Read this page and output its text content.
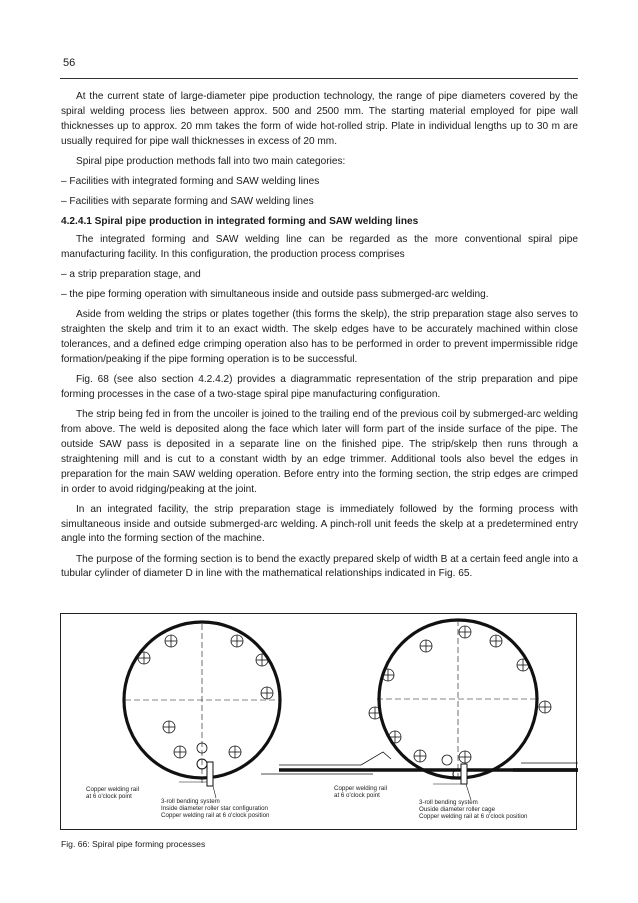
56

At the current state of large-diameter pipe production technology, the range of pipe diameters covered by the spiral welding process lies between approx. 500 and 2500 mm. The starting material employed for pipe wall thicknesses up to approx. 20 mm takes the form of wide hot-rolled strip. Plate in individual lengths up to 30 m are usually required for pipe wall thicknesses in excess of 20 mm.

Spiral pipe production methods fall into two main categories:

– Facilities with integrated forming and SAW welding lines

– Facilities with separate forming and SAW welding lines

4.2.4.1 Spiral pipe production in integrated forming and SAW welding lines

The integrated forming and SAW welding line can be regarded as the more conventional spiral pipe manufacturing facility. In this configuration, the production process comprises

– a strip preparation stage, and

– the pipe forming operation with simultaneous inside and outside pass submerged-arc welding.

Aside from welding the strips or plates together (this forms the skelp), the strip preparation stage also serves to straighten the skelp and trim it to an exact width. The skelp edges have to be accurately machined within close tolerances, and a defined edge crimping operation also has to be performed in order to prevent impermissible ridge formation/peaking if the pipe forming operation is to be successful.

Fig. 68 (see also section 4.2.4.2) provides a diagrammatic representation of the strip preparation and pipe forming processes in the case of a two-stage spiral pipe manufacturing configuration.

The strip being fed in from the uncoiler is joined to the trailing end of the previous coil by submerged-arc welding from above. The weld is deposited along the face which later will form part of the inside surface of the pipe. The outside SAW pass is deposited in a separate line on the finished pipe. The strip/skelp then runs through a straightening mill and is cut to a constant width by an edge trimmer. Additional tools also bevel the edges in preparation for the main SAW welding operation. Before entry into the forming section, the strip edges are crimped in order to avoid ridging/peaking at the joint.

In an integrated facility, the strip preparation stage is immediately followed by the forming process with simultaneous inside and outside submerged-arc welding. A pinch-roll unit feeds the skelp at a predetermined entry angle into the forming section of the machine.

The purpose of the forming section is to bend the exactly prepared skelp of width B at a certain feed angle into a tubular cylinder of diameter D in line with the mathematical relationships indicated in Fig. 65.

Copper welding rail
at 6 o'clock point
3-roll bending system
Inside diameter roller star configuration
Copper welding rail at 6 o'clock position
Copper welding rail
at 6 o'clock point
3-roll bending system
Ouside diameter roller cage
Copper welding rail at 6 o'clock position
Fig. 66: Spiral pipe forming processes
